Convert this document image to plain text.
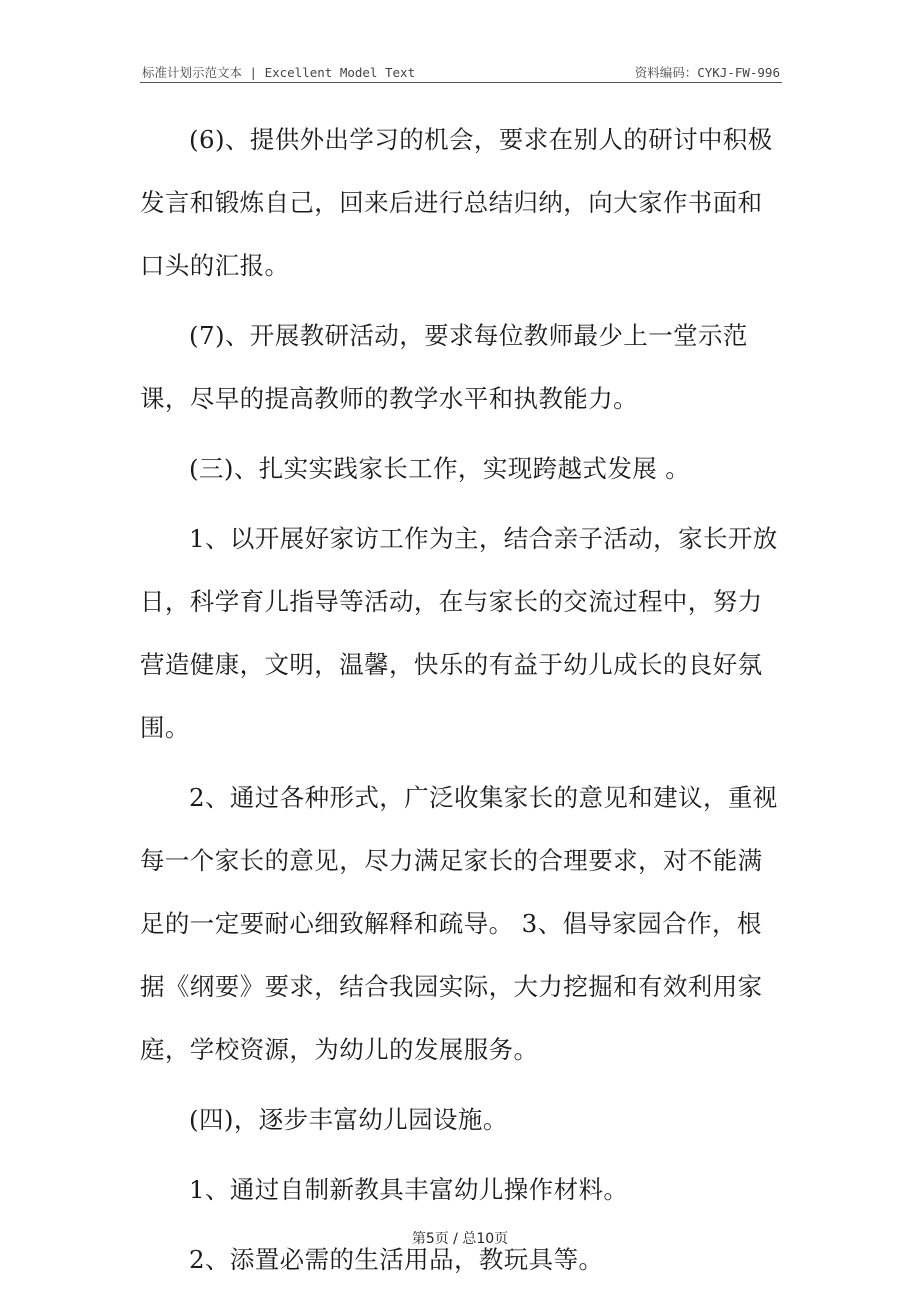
标准计划示范文本 | Excellent Model Text	资料编码：CYKJ-FW-996

(6)、提供外出学习的机会，要求在别人的研讨中积极发言和锻炼自己，回来后进行总结归纳，向大家作书面和口头的汇报。

(7)、开展教研活动，要求每位教师最少上一堂示范课，尽早的提高教师的教学水平和执教能力。

(三)、扎实实践家长工作，实现跨越式发展 。

1、以开展好家访工作为主，结合亲子活动，家长开放日，科学育儿指导等活动，在与家长的交流过程中，努力营造健康，文明，温馨，快乐的有益于幼儿成长的良好氛围。

2、通过各种形式，广泛收集家长的意见和建议，重视每一个家长的意见，尽力满足家长的合理要求，对不能满足的一定要耐心细致解释和疏导。 3、倡导家园合作，根据《纲要》要求，结合我园实际，大力挖掘和有效利用家庭，学校资源，为幼儿的发展服务。

(四)，逐步丰富幼儿园设施。

1、通过自制新教具丰富幼儿操作材料。

2、添置必需的生活用品，教玩具等。

第5页 / 总10页
